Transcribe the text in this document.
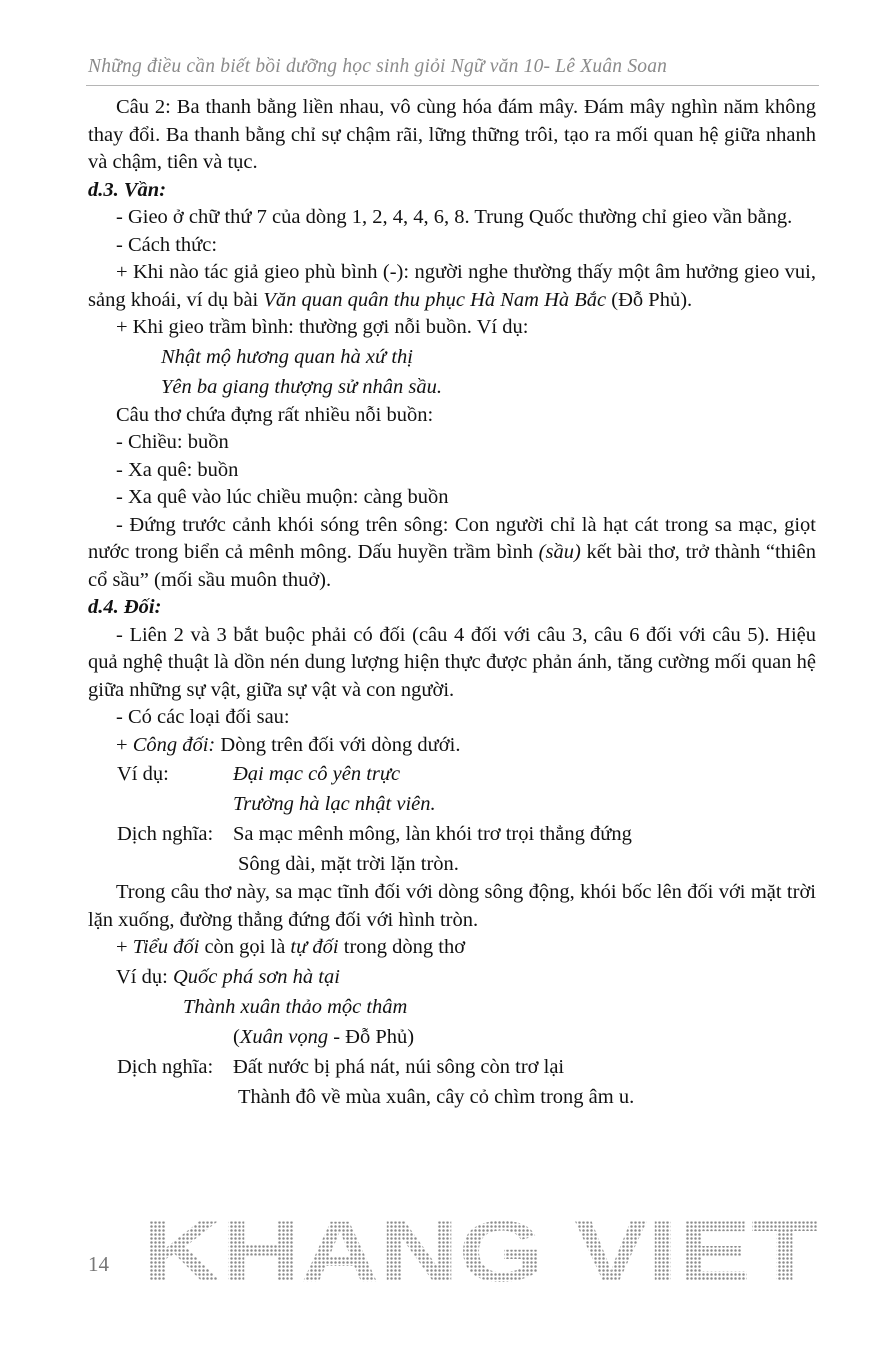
Những điều cần biết bồi dưỡng học sinh giỏi Ngữ văn 10- Lê Xuân Soan

Câu 2: Ba thanh bằng liền nhau, vô cùng hóa đám mây. Đám mây nghìn năm không thay đổi. Ba thanh bằng chỉ sự chậm rãi, lững thững trôi, tạo ra mối quan hệ giữa nhanh và chậm, tiên và tục.

d.3. Vần:

- Gieo ở chữ thứ 7 của dòng 1, 2, 4, 4, 6, 8. Trung Quốc thường chỉ gieo vần bằng.

- Cách thức:

+ Khi nào tác giả gieo phù bình (-): người nghe thường thấy một âm hưởng gieo vui, sảng khoái, ví dụ bài Văn quan quân thu phục Hà Nam Hà Bắc (Đỗ Phủ).

+ Khi gieo trầm bình: thường gợi nỗi buồn. Ví dụ:

Nhật mộ hương quan hà xứ thị

Yên ba giang thượng sử nhân sầu.

Câu thơ chứa đựng rất nhiều nỗi buồn:

- Chiều: buồn

- Xa quê: buồn

- Xa quê vào lúc chiều muộn: càng buồn

- Đứng trước cảnh khói sóng trên sông: Con người chỉ là hạt cát trong sa mạc, giọt nước trong biển cả mênh mông. Dấu huyền trầm bình (sầu) kết bài thơ, trở thành “thiên cổ sầu” (mối sầu muôn thuở).

d.4. Đối:

- Liên 2 và 3 bắt buộc phải có đối (câu 4 đối với câu 3, câu 6 đối với câu 5). Hiệu quả nghệ thuật là dồn nén dung lượng hiện thực được phản ánh, tăng cường mối quan hệ giữa những sự vật, giữa sự vật và con người.

- Có các loại đối sau:

+ Công đối: Dòng trên đối với dòng dưới.

Ví dụ:	Đại mạc cô yên trực

Trường hà lạc nhật viên.

Dịch nghĩa: Sa mạc mênh mông, làn khói trơ trọi thẳng đứng

Sông dài, mặt trời lặn tròn.

Trong câu thơ này, sa mạc tĩnh đối với dòng sông động, khói bốc lên đối với mặt trời lặn xuống, đường thẳng đứng đối với hình tròn.

+ Tiểu đối còn gọi là tự đối trong dòng thơ

Ví dụ: Quốc phá sơn hà tại

Thành xuân thảo mộc thâm

(Xuân vọng - Đỗ Phủ)

Dịch nghĩa: Đất nước bị phá nát, núi sông còn trơ lại

Thành đô về mùa xuân, cây cỏ chìm trong âm u.

14 KHANG VIET
